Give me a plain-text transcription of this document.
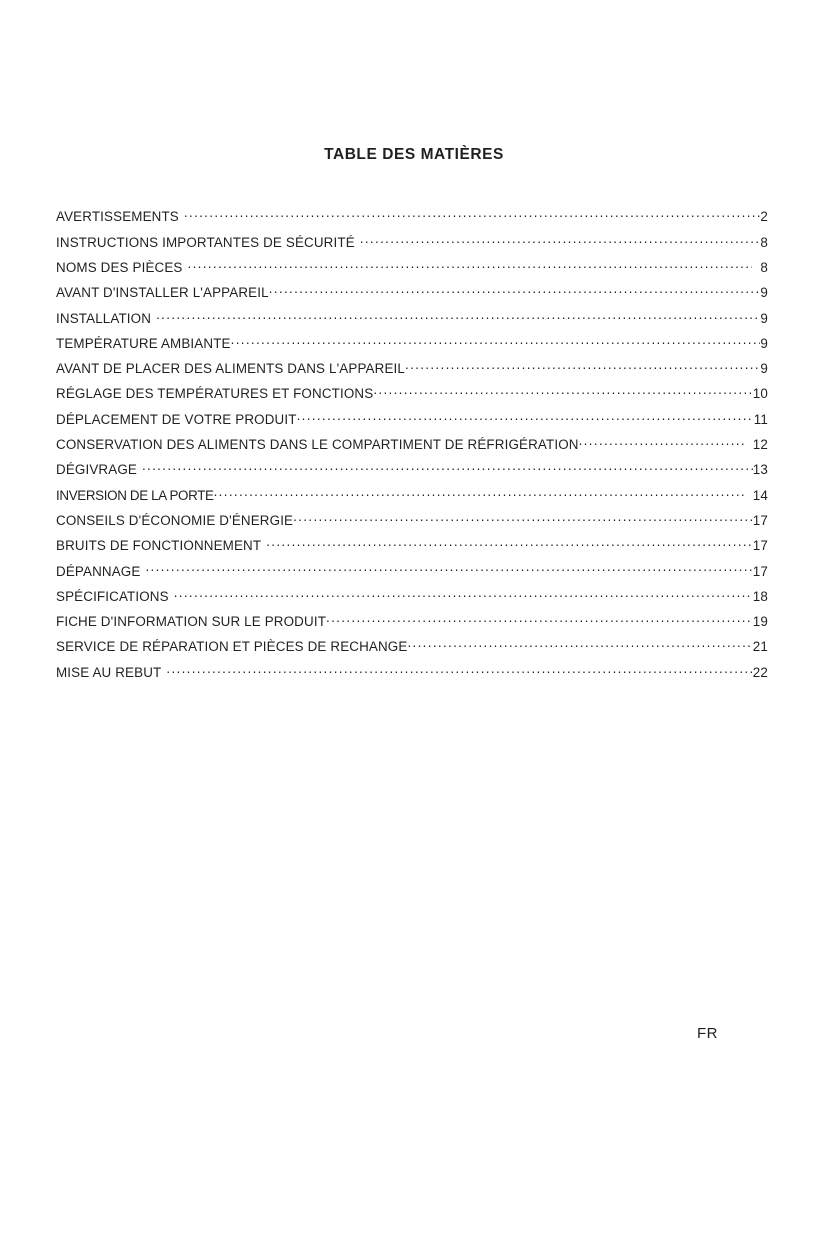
TABLE DES MATIÈRES
AVERTISSEMENTS .....	2
INSTRUCTIONS IMPORTANTES DE SÉCURITÉ .....	8
NOMS DES PIÈCES .....	8
AVANT D'INSTALLER L'APPAREIL .....	9
INSTALLATION .....	9
TEMPÉRATURE AMBIANTE .....	9
AVANT DE PLACER DES ALIMENTS DANS L'APPAREIL .....	9
RÉGLAGE DES TEMPÉRATURES ET FONCTIONS .....	10
DÉPLACEMENT DE VOTRE PRODUIT .....	11
CONSERVATION DES ALIMENTS DANS LE COMPARTIMENT DE RÉFRIGÉRATION .....	12
DÉGIVRAGE .....	13
INVERSION DE LA PORTE .....	14
CONSEILS D'ÉCONOMIE D'ÉNERGIE .....	17
BRUITS DE FONCTIONNEMENT .....	17
DÉPANNAGE .....	17
SPÉCIFICATIONS .....	18
FICHE D'INFORMATION SUR LE PRODUIT .....	19
SERVICE DE RÉPARATION ET PIÈCES DE RECHANGE .....	21
MISE AU REBUT .....	22
FR
